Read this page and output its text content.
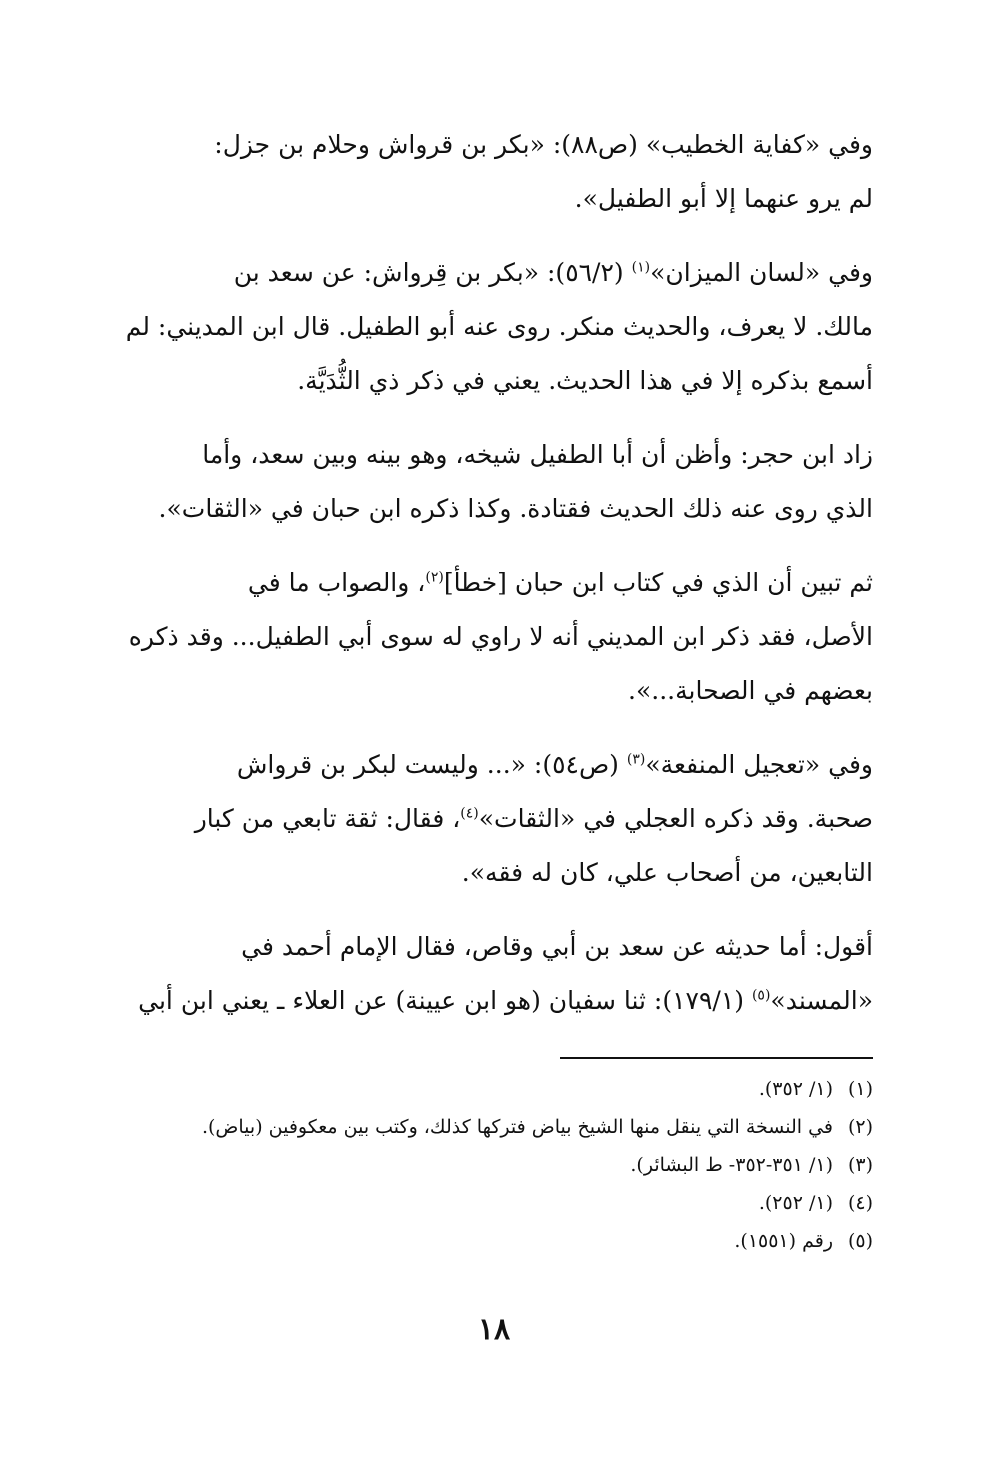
وفي «كفاية الخطيب» (ص٨٨): «بكر بن قرواش وحلام بن جزل:
لم يرو عنهما إلا أبو الطفيل».

وفي «لسان الميزان»$^{(١)}$ (٥٦/٢): «بكر بن قِرواش: عن سعد بن
مالك. لا يعرف، والحديث منكر. روى عنه أبو الطفيل. قال ابن المديني: لم
أسمع بذكره إلا في هذا الحديث. يعني في ذكر ذي الثُّدَيَّة.

زاد ابن حجر: وأظن أن أبا الطفيل شيخه، وهو بينه وبين سعد، وأما
الذي روى عنه ذلك الحديث فقتادة. وكذا ذكره ابن حبان في «الثقات».

ثم تبين أن الذي في كتاب ابن حبان [خطأ]$^{(٢)}$، والصواب ما في
الأصل، فقد ذكر ابن المديني أنه لا راوي له سوى أبي الطفيل... وقد ذكره
بعضهم في الصحابة...».

وفي «تعجيل المنفعة»$^{(٣)}$ (ص٥٤): «... وليست لبكر بن قرواش
صحبة. وقد ذكره العجلي في «الثقات»$^{(٤)}$، فقال: ثقة تابعي من كبار
التابعين، من أصحاب علي، كان له فقه».

أقول: أما حديثه عن سعد بن أبي وقاص، فقال الإمام أحمد في
«المسند»$^{(٥)}$ (١٧٩/١): ثنا سفيان (هو ابن عيينة) عن العلاء ـ يعني ابن أبي

(١)
(١/ ٣٥٢).
(٢)
في النسخة التي ينقل منها الشيخ بياض فتركها كذلك، وكتب بين معكوفين (بياض).
(٣)
(١/ ٣٥١-٣٥٢- ط البشائر).
(٤)
(١/ ٢٥٢).
(٥)
رقم (١٥٥١).
١٨
